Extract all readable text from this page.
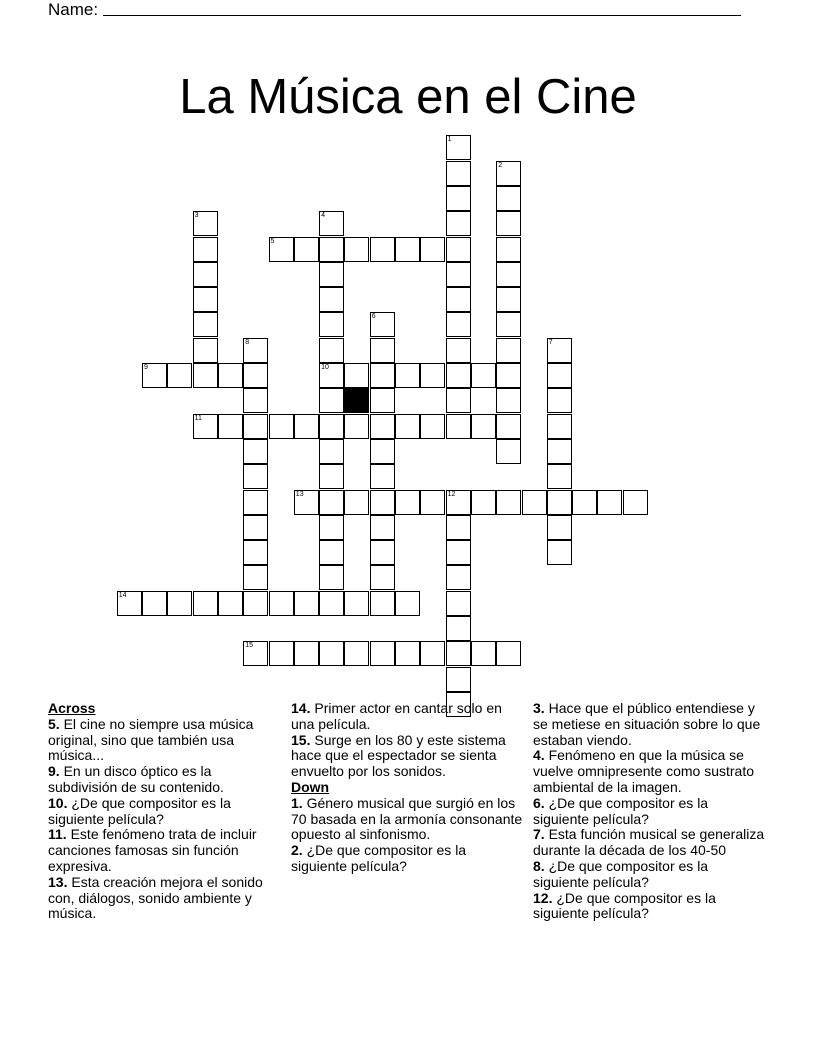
Name:
La Música en el Cine
5
9	10
11
13	12
14
15
1
2
3	4
6
7
8
Across
5. El cine no siempre usa música original, sino que también usa música...
9. En un disco óptico es la subdivisión de su contenido.
10. ¿De que compositor es la siguiente película?
11. Este fenómeno trata de incluir canciones famosas sin función expresiva.
13. Esta creación mejora el sonido con, diálogos, sonido ambiente y música.
14. Primer actor en cantar solo en una película.
15. Surge en los 80 y este sistema hace que el espectador se sienta envuelto por los sonidos.
Down
1. Género musical que surgió en los 70 basada en la armonía consonante opuesto al sinfonismo.
2. ¿De que compositor es la siguiente película?
3. Hace que el público entendiese y se metiese en situación sobre lo que estaban viendo.
4. Fenómeno en que la música se vuelve omnipresente como sustrato ambiental de la imagen.
6. ¿De que compositor es la siguiente película?
7. Esta función musical se generaliza durante la década de los 40-50
8. ¿De que compositor es la siguiente película?
12. ¿De que compositor es la siguiente película?
